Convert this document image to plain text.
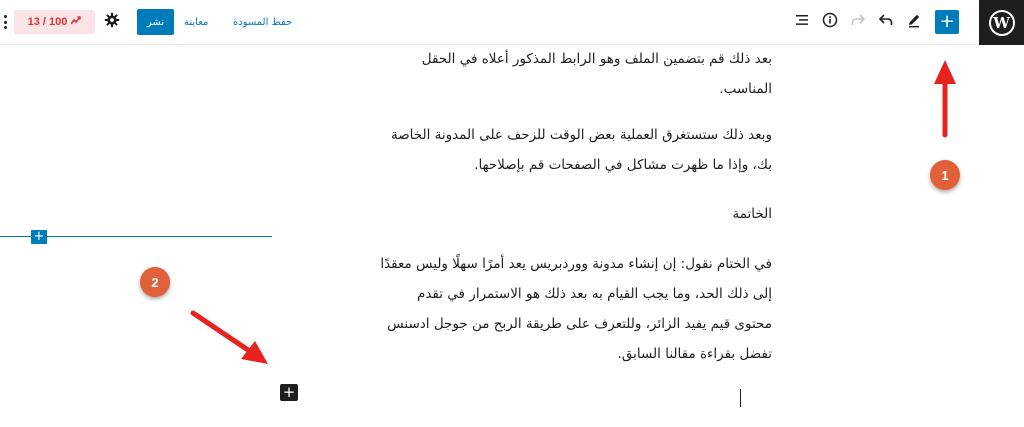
W
+
13 / 100	نشر	معاينة حفظ المسودة
بعد ذلك قم بتضمين الملف وهو الرابط المذكور أعلاه في الحقل
المناسب.
وبعد ذلك ستستغرق العملية بعض الوقت للزحف على المدونة الخاصة
بك، وإذا ما ظهرت مشاكل في الصفحات قم بإصلاحها.
الخاتمة
في الختام نقول: إن إنشاء مدونة ووردبريس يعد أمرًا سهلًا وليس معقدًا
إلى ذلك الحد، وما يجب القيام به بعد ذلك هو الاستمرار في تقدم
محتوى قيم يفيد الزائر، وللتعرف على طريقة الربح من جوجل ادسنس
تفضل بقراءة مقالنا السابق.
+
+
1
2
